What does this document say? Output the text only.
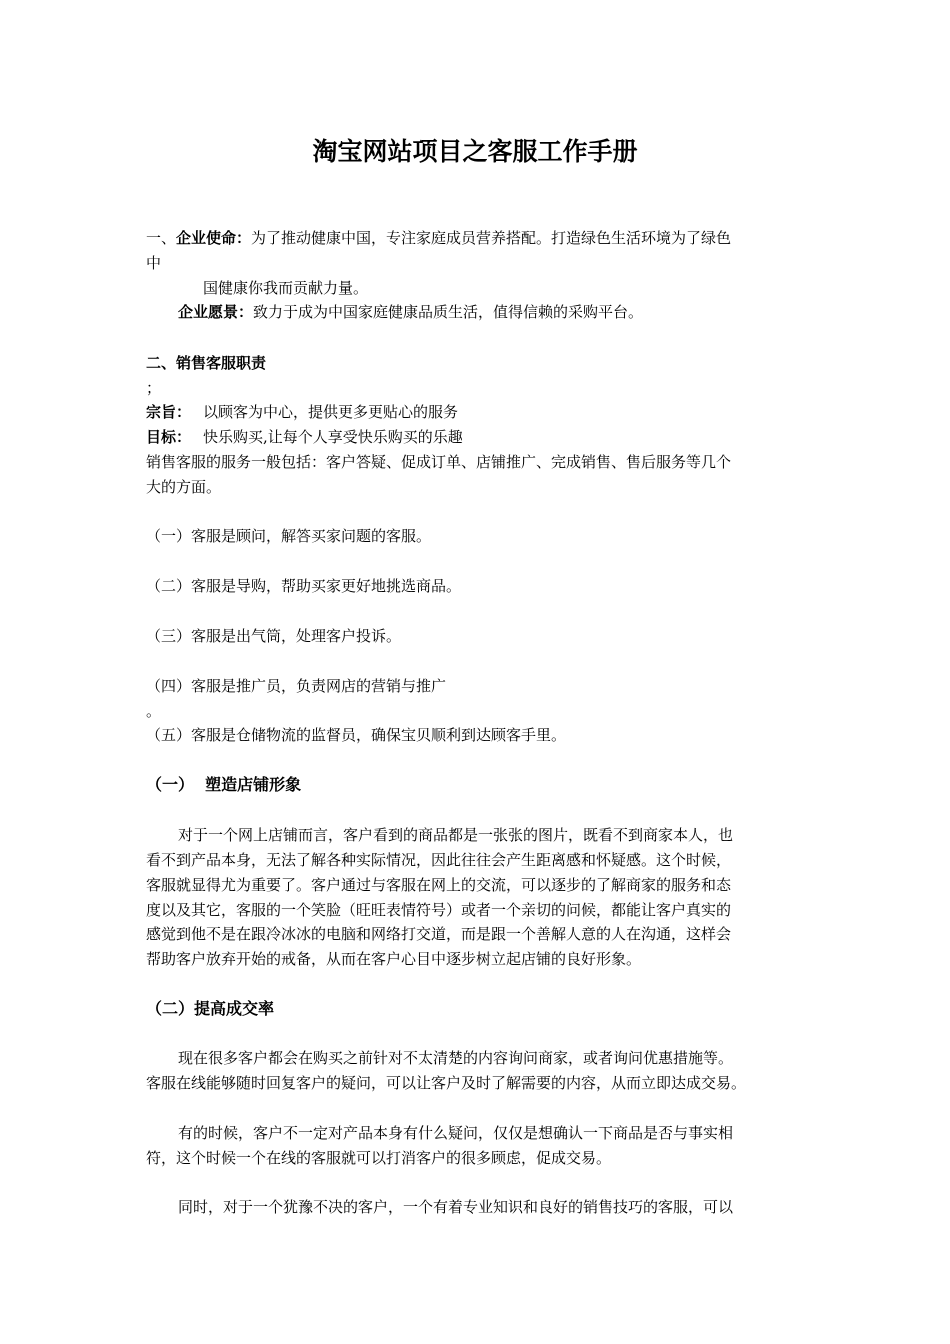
淘宝网站项目之客服工作手册
一、企业使命：为了推动健康中国，专注家庭成员营养搭配。打造绿色生活环境为了绿色
中
国健康你我而贡献力量。
企业愿景：致力于成为中国家庭健康品质生活，值得信赖的采购平台。
二、销售客服职责
；
宗旨： 以顾客为中心，提供更多更贴心的服务
目标： 快乐购买,让每个人享受快乐购买的乐趣
销售客服的服务一般包括：客户答疑、促成订单、店铺推广、完成销售、售后服务等几个
大的方面。
（一）客服是顾问，解答买家问题的客服。
（二）客服是导购，帮助买家更好地挑选商品。
（三）客服是出气筒，处理客户投诉。
（四）客服是推广员，负责网店的营销与推广
。
（五）客服是仓储物流的监督员，确保宝贝顺利到达顾客手里。
（一）  塑造店铺形象
对于一个网上店铺而言，客户看到的商品都是一张张的图片，既看不到商家本人，也
看不到产品本身，无法了解各种实际情况，因此往往会产生距离感和怀疑感。这个时候，
客服就显得尤为重要了。客户通过与客服在网上的交流，可以逐步的了解商家的服务和态
度以及其它，客服的一个笑脸（旺旺表情符号）或者一个亲切的问候，都能让客户真实的
感觉到他不是在跟冷冰冰的电脑和网络打交道，而是跟一个善解人意的人在沟通，这样会
帮助客户放弃开始的戒备，从而在客户心目中逐步树立起店铺的良好形象。
（二）提高成交率
现在很多客户都会在购买之前针对不太清楚的内容询问商家，或者询问优惠措施等。
客服在线能够随时回复客户的疑问，可以让客户及时了解需要的内容，从而立即达成交易。
有的时候，客户不一定对产品本身有什么疑问，仅仅是想确认一下商品是否与事实相
符，这个时候一个在线的客服就可以打消客户的很多顾虑，促成交易。
同时，对于一个犹豫不决的客户，一个有着专业知识和良好的销售技巧的客服，可以
